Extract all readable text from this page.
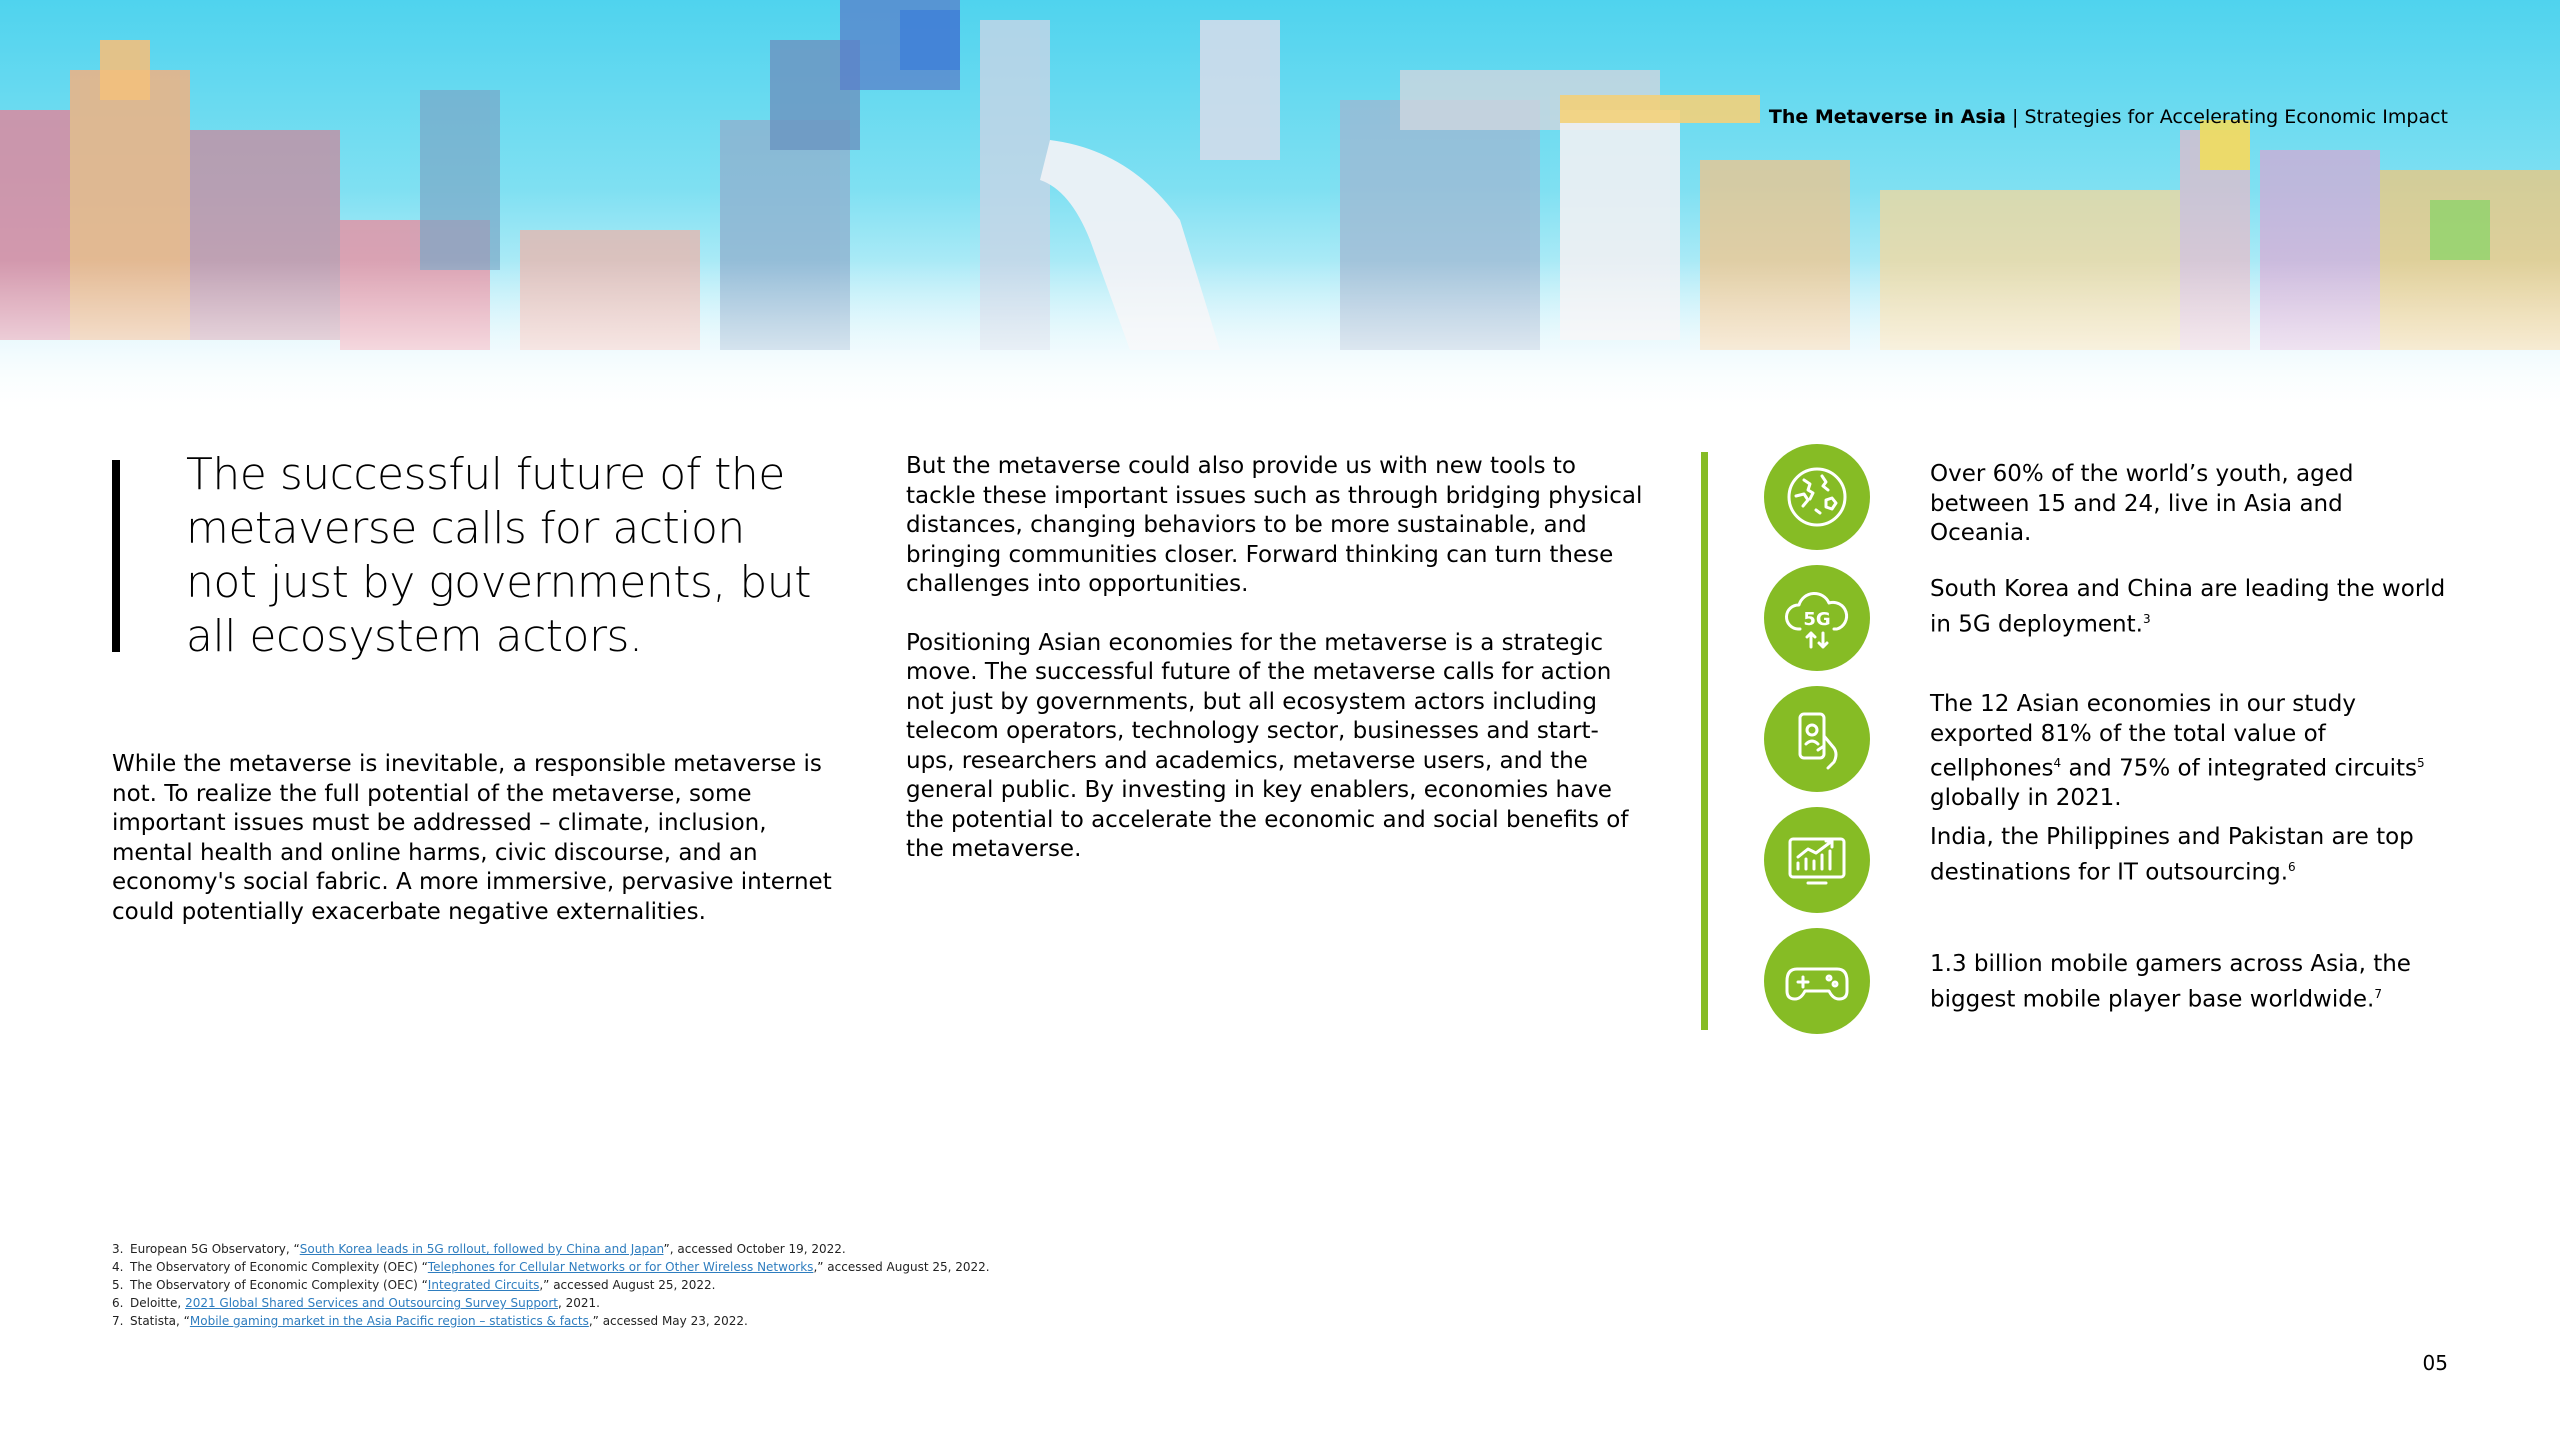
The Metaverse in Asia | Strategies for Accelerating Economic Impact

The successful future of the metaverse calls for action not just by governments, but all ecosystem actors.

While the metaverse is inevitable, a responsible metaverse is not. To realize the full potential of the metaverse, some important issues must be addressed – climate, inclusion, mental health and online harms, civic discourse, and an economy's social fabric. A more immersive, pervasive internet could potentially exacerbate negative externalities.

But the metaverse could also provide us with new tools to tackle these important issues such as through bridging physical distances, changing behaviors to be more sustainable, and bringing communities closer. Forward thinking can turn these challenges into opportunities.

Positioning Asian economies for the metaverse is a strategic move. The successful future of the metaverse calls for action not just by governments, but all ecosystem actors including telecom operators, technology sector, businesses and start-ups, researchers and academics, metaverse users, and the general public. By investing in key enablers, economies have the potential to accelerate the economic and social benefits of the metaverse.

Over 60% of the world’s youth, aged between 15 and 24, live in Asia and Oceania.

5G

South Korea and China are leading the world in 5G deployment.$^3$

The 12 Asian economies in our study exported 81% of the total value of cellphones$^4$ and 75% of integrated circuits$^5$ globally in 2021.

India, the Philippines and Pakistan are top destinations for IT outsourcing.$^6$

1.3 billion mobile gamers across Asia, the biggest mobile player base worldwide.$^7$

3. European 5G Observatory, “South Korea leads in 5G rollout, followed by China and Japan”, accessed October 19, 2022.
4. The Observatory of Economic Complexity (OEC) “Telephones for Cellular Networks or for Other Wireless Networks,” accessed August 25, 2022.
5. The Observatory of Economic Complexity (OEC) “Integrated Circuits,” accessed August 25, 2022.
6. Deloitte, 2021 Global Shared Services and Outsourcing Survey Support, 2021.
7. Statista, “Mobile gaming market in the Asia Pacific region – statistics & facts,” accessed May 23, 2022.
05
